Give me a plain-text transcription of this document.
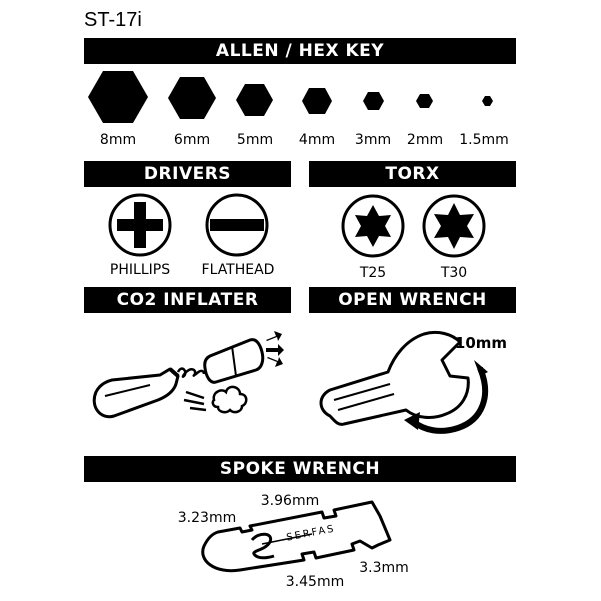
ST-17i
ALLEN / HEX KEY
8mm	6mm	5mm	4mm	3mm	2mm	1.5mm
DRIVERS	TORX
PHILLIPS	FLATHEAD	T25	T30
CO2 INFLATER	OPEN WRENCH
10mm
SPOKE WRENCH
SERFAS
3.96mm
3.23mm
3.45mm
3.3mm
